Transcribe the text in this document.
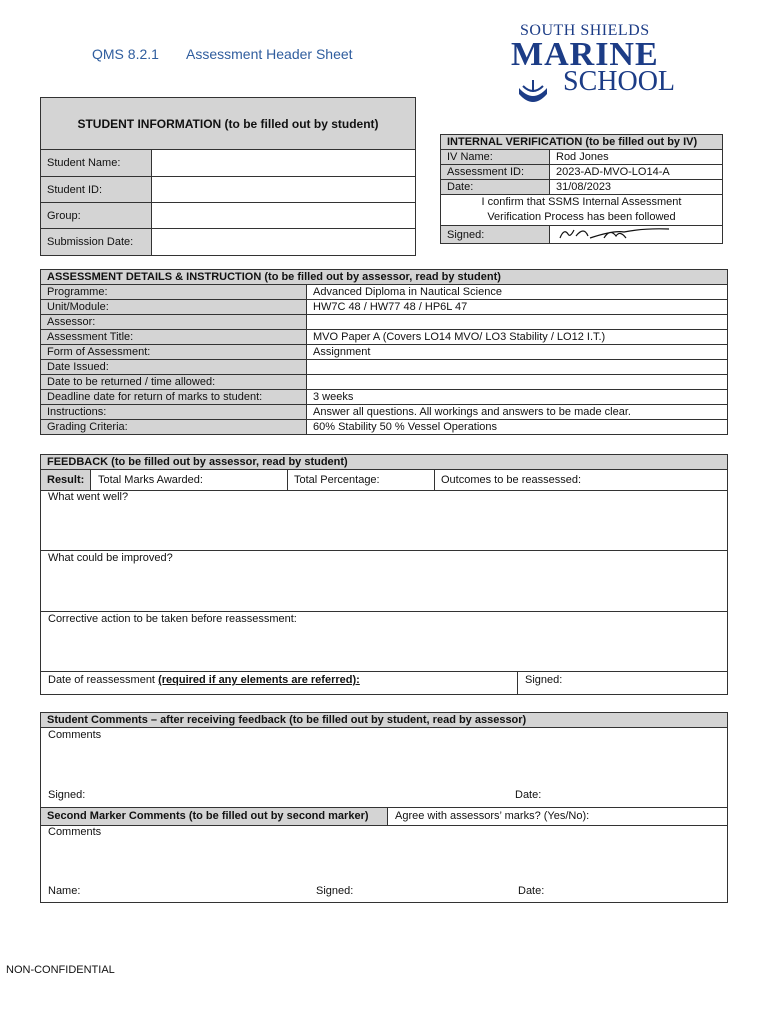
QMS 8.2.1 Assessment Header Sheet
SOUTH SHIELDS
MARINE
SCHOOL
STUDENT INFORMATION (to be filled out by student)
Student Name:	
Student ID:	
Group:	
Submission Date:	
INTERNAL VERIFICATION (to be filled out by IV)	
IV Name:	Rod Jones
Assessment ID:	2023-AD-MVO-LO14-A
Date:	31/08/2023

I confirm that SSMS Internal Assessment
Verification Process has been followed	

Signed:	
ASSESSMENT DETAILS & INSTRUCTION (to be filled out by assessor, read by student)	
Programme:	Advanced Diploma in Nautical Science
Unit/Module:	HW7C 48 / HW77 48 / HP6L 47
Assessor:	
Assessment Title:	MVO Paper A (Covers LO14 MVO/ LO3 Stability / LO12 I.T.)
Form of Assessment:	Assignment
Date Issued:	
Date to be returned / time allowed:	
Deadline date for return of marks to student:	3 weeks
Instructions:	Answer all questions. All workings and answers to be made clear.
Grading Criteria:	60% Stability 50 % Vessel Operations
FEEDBACK (to be filled out by assessor, read by student)
Result:	Total Marks Awarded:	Total Percentage:	Outcomes to be reassessed:
What went well?
What could be improved?
Corrective action to be taken before reassessment:
Date of reassessment (required if any elements are referred):	Signed:
Student Comments – after receiving feedback (to be filled out by student, read by assessor)
Comments
Signed:	Date:
Second Marker Comments (to be filled out by second marker)	Agree with assessors’ marks? (Yes/No):
Comments
Name:	Signed:	Date:
NON-CONFIDENTIAL
